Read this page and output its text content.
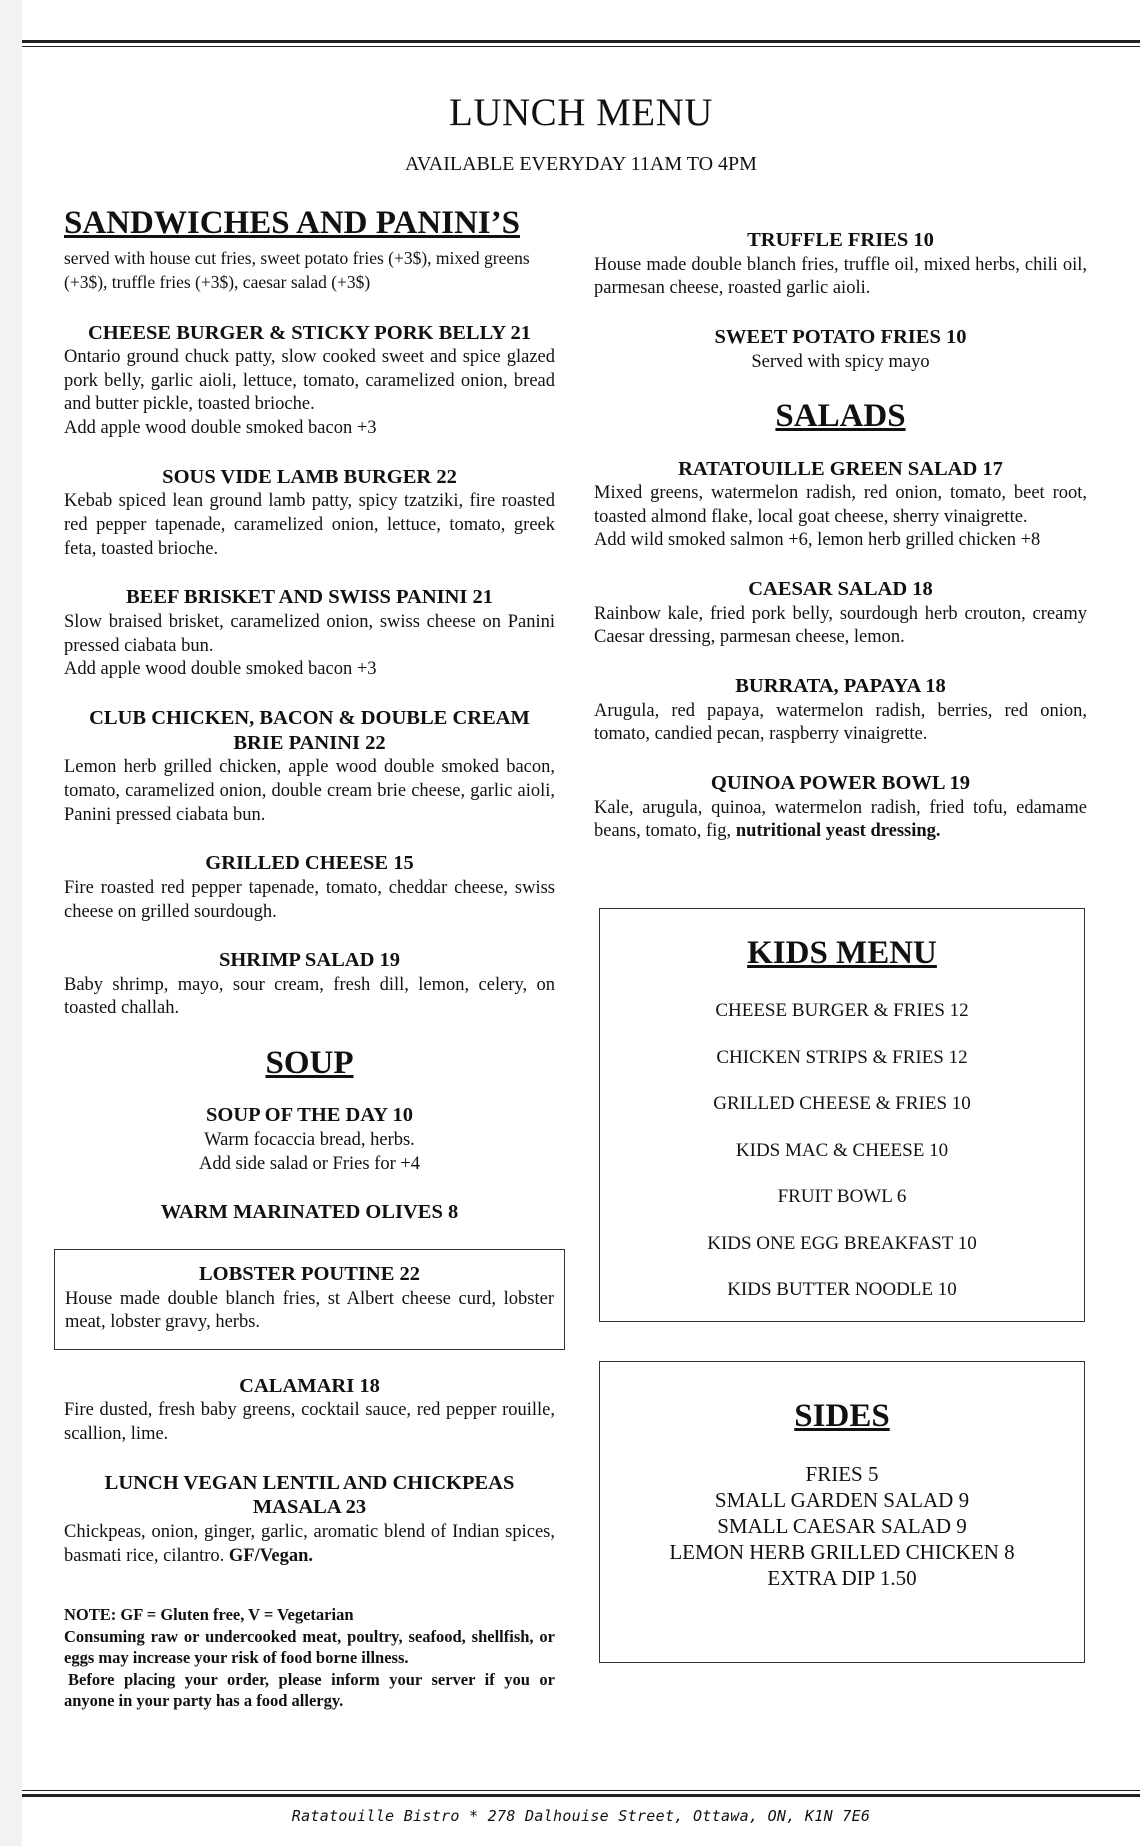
LUNCH MENU
AVAILABLE EVERYDAY 11AM TO 4PM
SANDWICHES AND PANINI’S
served with house cut fries, sweet potato fries (+3$), mixed greens (+3$), truffle fries (+3$), caesar salad (+3$)
CHEESE BURGER & STICKY PORK BELLY 21
Ontario ground chuck patty, slow cooked sweet and spice glazed pork belly, garlic aioli, lettuce, tomato, caramelized onion, bread and butter pickle, toasted brioche.
Add apple wood double smoked bacon +3
SOUS VIDE LAMB BURGER 22
Kebab spiced lean ground lamb patty, spicy tzatziki, fire roasted red pepper tapenade, caramelized onion, lettuce, tomato, greek feta, toasted brioche.
BEEF BRISKET AND SWISS PANINI 21
Slow braised brisket, caramelized onion, swiss cheese on Panini pressed ciabata bun.
Add apple wood double smoked bacon +3
CLUB CHICKEN, BACON & DOUBLE CREAM BRIE PANINI 22
Lemon herb grilled chicken, apple wood double smoked bacon, tomato, caramelized onion, double cream brie cheese, garlic aioli, Panini pressed ciabata bun.
GRILLED CHEESE 15
Fire roasted red pepper tapenade, tomato, cheddar cheese, swiss cheese on grilled sourdough.
SHRIMP SALAD 19
Baby shrimp, mayo, sour cream, fresh dill, lemon, celery, on toasted challah.
SOUP
SOUP OF THE DAY 10
Warm focaccia bread, herbs.
Add side salad or Fries for +4
WARM MARINATED OLIVES 8
LOBSTER POUTINE 22
House made double blanch fries, st Albert cheese curd, lobster meat, lobster gravy, herbs.
CALAMARI 18
Fire dusted, fresh baby greens, cocktail sauce, red pepper rouille, scallion, lime.
LUNCH VEGAN LENTIL AND CHICKPEAS MASALA 23
Chickpeas, onion, ginger, garlic, aromatic blend of Indian spices, basmati rice, cilantro. GF/Vegan.
NOTE: GF = Gluten free, V = Vegetarian
Consuming raw or undercooked meat, poultry, seafood, shellfish, or eggs may increase your risk of food borne illness.
Before placing your order, please inform your server if you or anyone in your party has a food allergy.
TRUFFLE FRIES 10
House made double blanch fries, truffle oil, mixed herbs, chili oil, parmesan cheese, roasted garlic aioli.
SWEET POTATO FRIES 10
Served with spicy mayo
SALADS
RATATOUILLE GREEN SALAD 17
Mixed greens, watermelon radish, red onion, tomato, beet root, toasted almond flake, local goat cheese, sherry vinaigrette.
Add wild smoked salmon +6, lemon herb grilled chicken +8
CAESAR SALAD 18
Rainbow kale, fried pork belly, sourdough herb crouton, creamy Caesar dressing, parmesan cheese, lemon.
BURRATA, PAPAYA 18
Arugula, red papaya, watermelon radish, berries, red onion, tomato, candied pecan, raspberry vinaigrette.
QUINOA POWER BOWL 19
Kale, arugula, quinoa, watermelon radish, fried tofu, edamame beans, tomato, fig, nutritional yeast dressing.
KIDS MENU
CHEESE BURGER & FRIES 12
CHICKEN STRIPS & FRIES 12
GRILLED CHEESE & FRIES 10
KIDS MAC & CHEESE 10
FRUIT BOWL 6
KIDS ONE EGG BREAKFAST 10
KIDS BUTTER NOODLE 10
SIDES
FRIES 5
SMALL GARDEN SALAD 9
SMALL CAESAR SALAD 9
LEMON HERB GRILLED CHICKEN 8
EXTRA DIP 1.50
Ratatouille Bistro * 278 Dalhouise Street, Ottawa, ON, K1N 7E6
